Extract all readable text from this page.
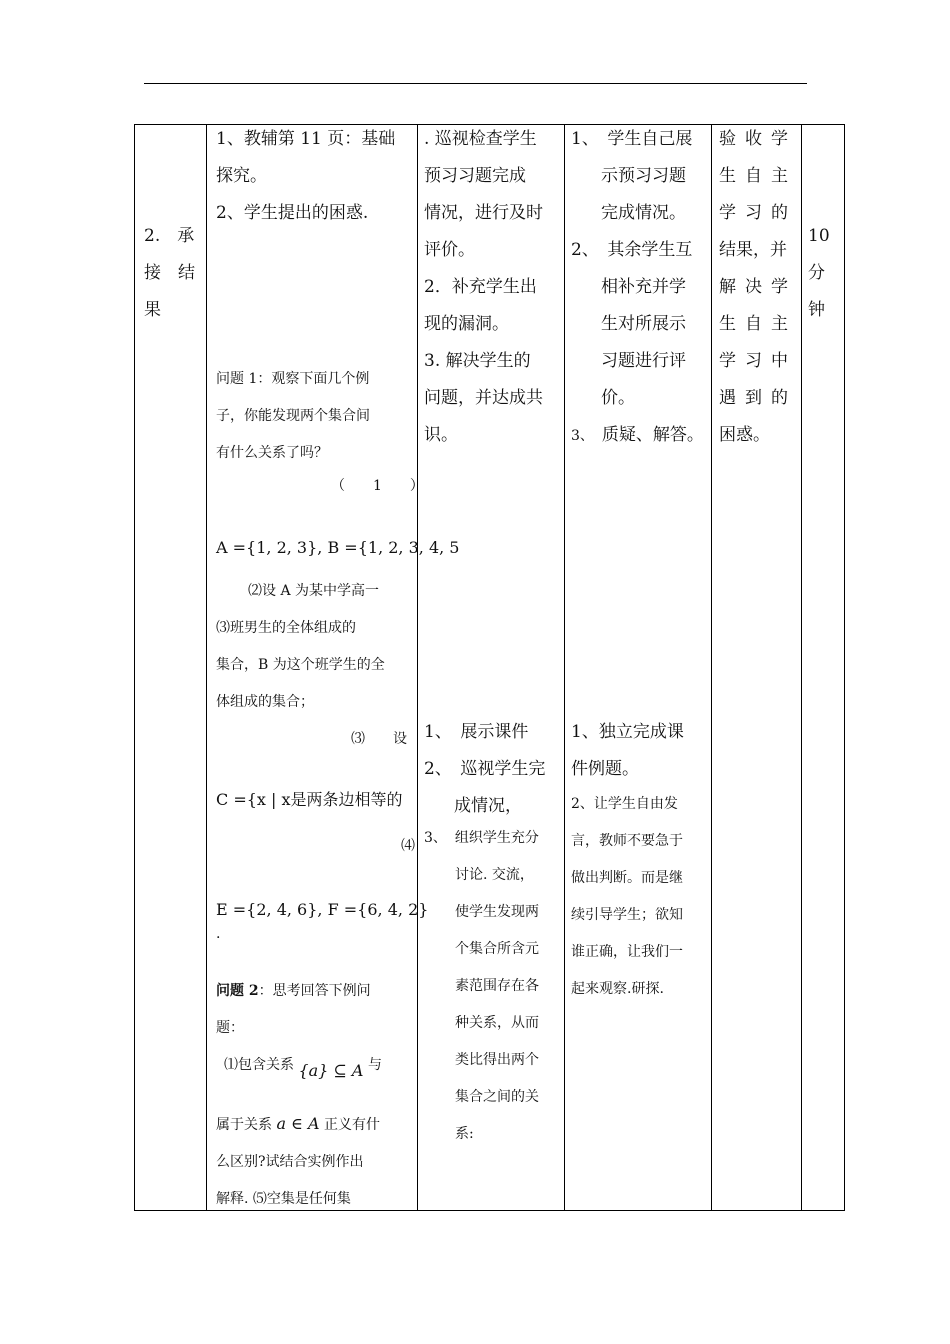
2.　承
接　结
果
1、教辅第 11 页：基础
探究。
2、学生提出的困惑.
问题 1：观察下面几个例
子，你能发现两个集合间
有什么关系了吗？
（　　1　　）
A ={1, 2, 3}, B ={1, 2, 3, 4, 5
⑵设 A 为某中学高一
⑶班男生的全体组成的
集合，B 为这个班学生的全
体组成的集合；
⑶　　设
C ={x | x是两条边相等的
⑷
E ={2, 4, 6}, F ={6, 4, 2}
.
问题 2：思考回答下例问
题：
⑴包含关系 {a} ⊆ A 与
属于关系 a ∈ A 正义有什
么区别?试结合实例作出
解释. ⑸空集是任何集
. 巡视检查学生
预习习题完成
情况，进行及时
评价。
2．补充学生出
现的漏洞。
3. 解决学生的
问题，并达成共
识。
1、　展示课件
2、　巡视学生完
成情况，
3、 组织学生充分
讨论. 交流，
使学生发现两
个集合所含元
素范围存在各
种关系，从而
类比得出两个
集合之间的关
系:
1、　学生自己展
示预习习题
完成情况。
2、　其余学生互
相补充并学
生对所展示
习题进行评
价。
3、 质疑、解答。
1、独立完成课
件例题。
2、让学生自由发
言，教师不要急于
做出判断。而是继
续引导学生；欲知
谁正确，让我们一
起来观察.研探.
验收学
生自主
学习的
结果，并
解决学
生自主
学习中
遇到的
困惑。
10
分
钟
